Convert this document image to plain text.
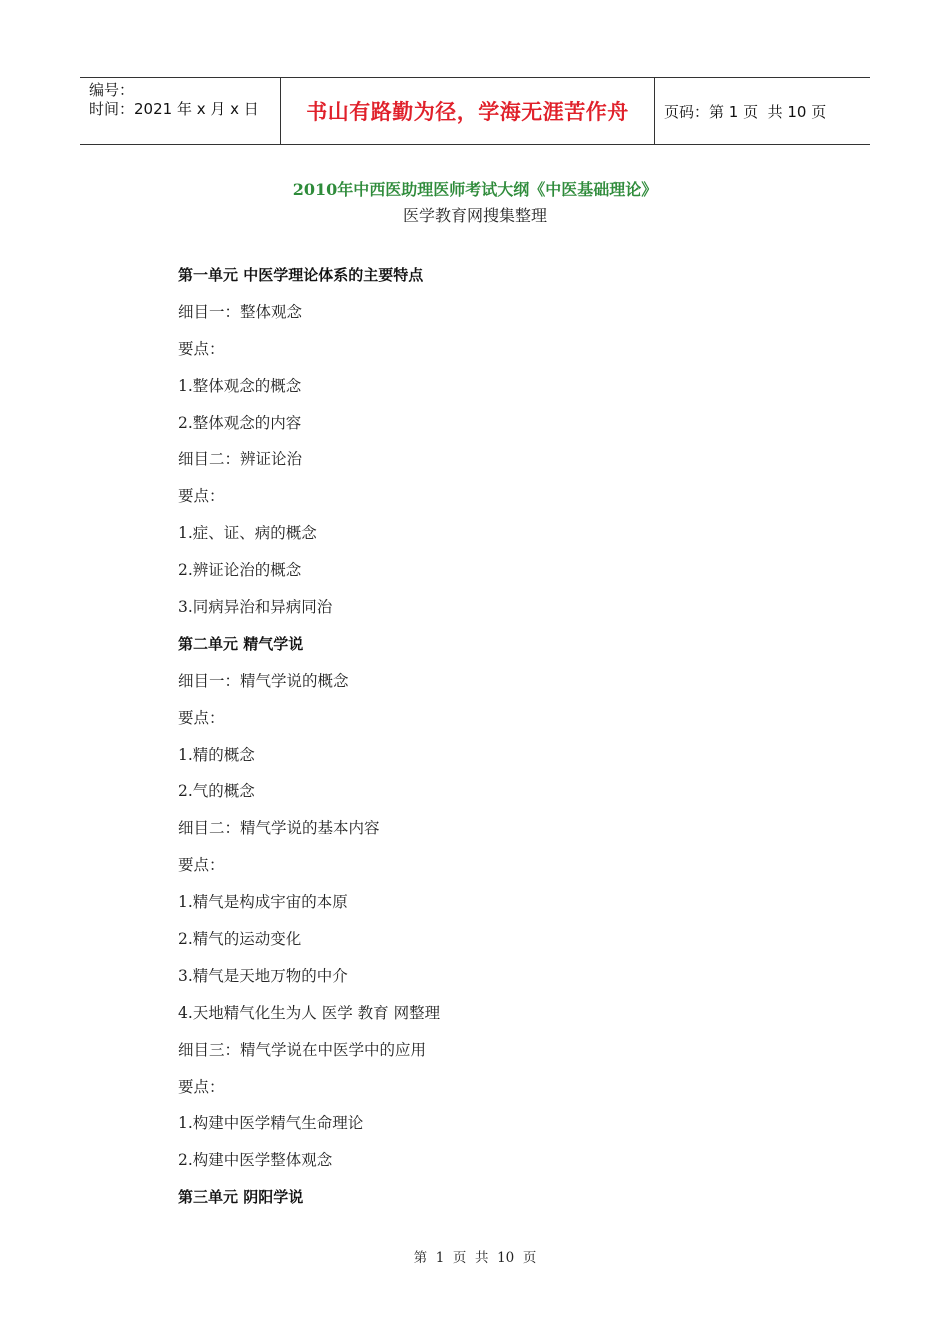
编号：
时间：2021 年 x 月 x 日	书山有路勤为径，学海无涯苦作舟 页码：第 1 页  共 10 页
2010年中西医助理医师考试大纲《中医基础理论》
医学教育网搜集整理
第一单元 中医学理论体系的主要特点
细目一：整体观念
要点：
1.整体观念的概念
2.整体观念的内容
细目二：辨证论治
要点：
1.症、证、病的概念
2.辨证论治的概念
3.同病异治和异病同治
第二单元 精气学说
细目一：精气学说的概念
要点：
1.精的概念
2.气的概念
细目二：精气学说的基本内容
要点：
1.精气是构成宇宙的本原
2.精气的运动变化
3.精气是天地万物的中介
4.天地精气化生为人 医学 教育 网整理
细目三：精气学说在中医学中的应用
要点：
1.构建中医学精气生命理论
2.构建中医学整体观念
第三单元 阴阳学说
第  1  页  共  10  页
